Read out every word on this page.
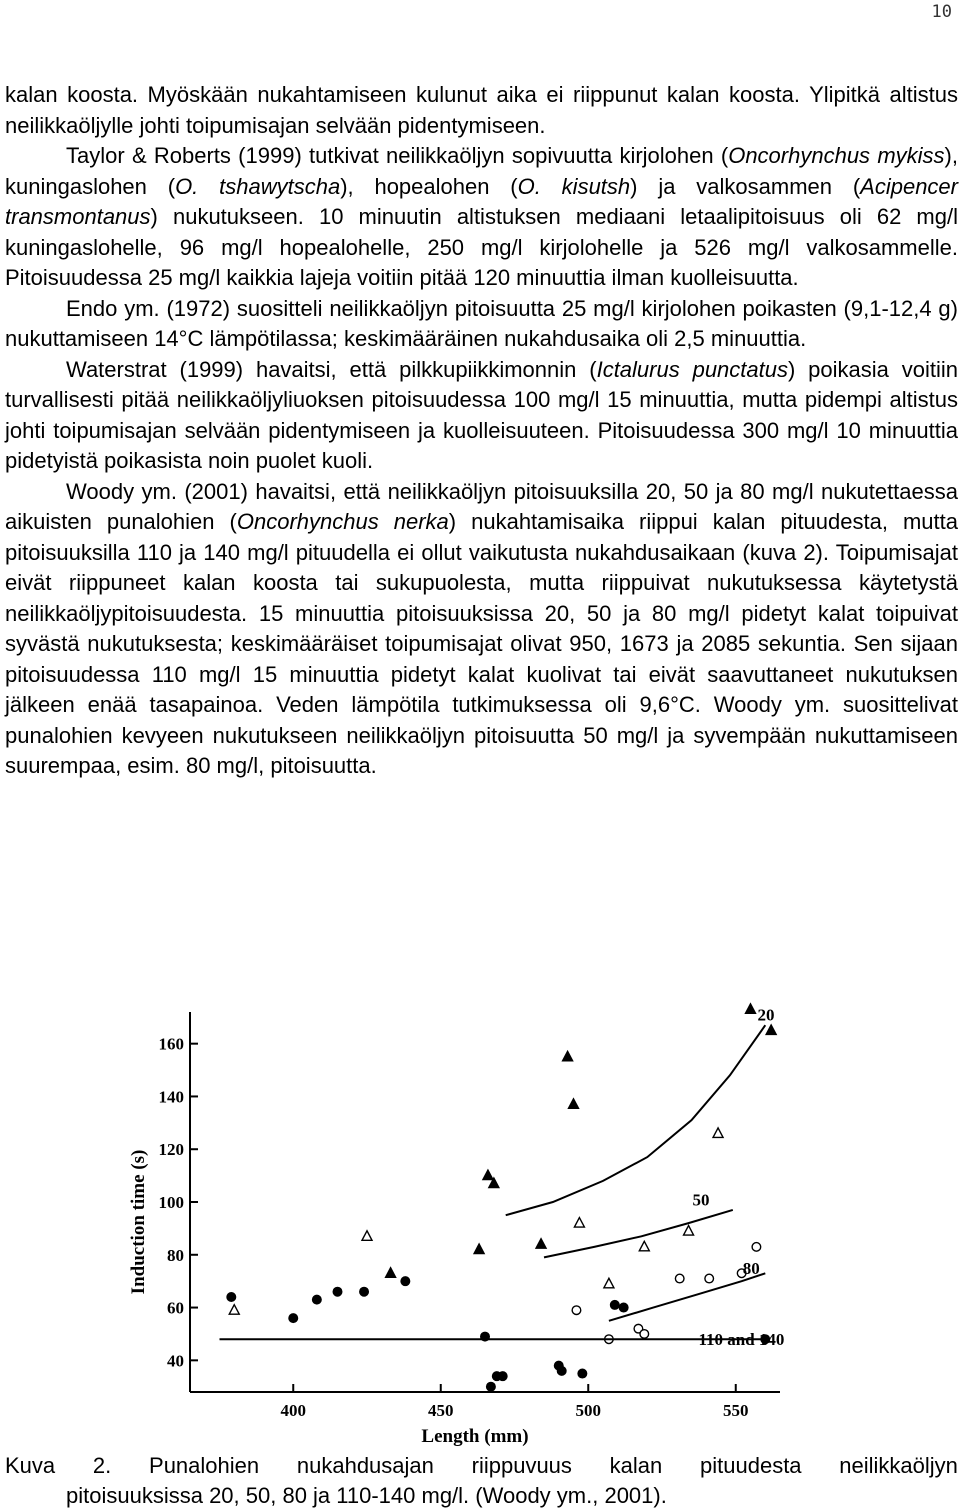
10

kalan koosta. Myöskään nukahtamiseen kulunut aika ei riippunut kalan koosta. Ylipitkä altistus neilikkaöljylle johti toipumisajan selvään pidentymiseen.

Taylor & Roberts (1999) tutkivat neilikkaöljyn sopivuutta kirjolohen (Oncorhynchus mykiss), kuningaslohen (O. tshawytscha), hopealohen (O. kisutsh) ja valkosammen (Acipencer transmontanus) nukutukseen. 10 minuutin altistuksen mediaani letaalipitoisuus oli 62 mg/l kuningaslohelle, 96 mg/l hopealohelle, 250 mg/l kirjolohelle ja 526 mg/l valkosammelle. Pitoisuudessa 25 mg/l kaikkia lajeja voitiin pitää 120 minuuttia ilman kuolleisuutta.

Endo ym. (1972) suositteli neilikkaöljyn pitoisuutta 25 mg/l kirjolohen poikasten (9,1-12,4 g) nukuttamiseen 14°C lämpötilassa; keskimääräinen nukahdusaika oli 2,5 minuuttia.

Waterstrat (1999) havaitsi, että pilkkupiikkimonnin (Ictalurus punctatus) poikasia voitiin turvallisesti pitää neilikkaöljyliuoksen pitoisuudessa 100 mg/l 15 minuuttia, mutta pidempi altistus johti toipumisajan selvään pidentymiseen ja kuolleisuuteen. Pitoisuudessa 300 mg/l 10 minuuttia pidetyistä poikasista noin puolet kuoli.

Woody ym. (2001) havaitsi, että neilikkaöljyn pitoisuuksilla 20, 50 ja 80 mg/l nukutettaessa aikuisten punalohien (Oncorhynchus nerka) nukahtamisaika riippui kalan pituudesta, mutta pitoisuuksilla 110 ja 140 mg/l pituudella ei ollut vaikutusta nukahdusaikaan (kuva 2). Toipumisajat eivät riippuneet kalan koosta tai sukupuolesta, mutta riippuivat nukutuksessa käytetystä neilikkaöljypitoisuudesta. 15 minuuttia pitoisuuksissa 20, 50 ja 80 mg/l pidetyt kalat toipuivat syvästä nukutuksesta; keskimääräiset toipumisajat olivat 950, 1673 ja 2085 sekuntia. Sen sijaan pitoisuudessa 110 mg/l 15 minuuttia pidetyt kalat kuolivat tai eivät saavuttaneet nukutuksen jälkeen enää tasapainoa. Veden lämpötila tutkimuksessa oli 9,6°C. Woody ym. suosittelivat punalohien kevyeen nukutukseen neilikkaöljyn pitoisuutta 50 mg/l ja syvempään nukuttamiseen suurempaa, esim. 80 mg/l, pitoisuutta.

400	450	500	550
40
60
80
100
120
140
160
Length (mm)
Induction time (s)
20
50
80
110 and 140
Kuva 2. Punalohien nukahdusajan riippuvuus kalan pituudesta neilikkaöljyn
pitoisuuksissa 20, 50, 80 ja 110-140 mg/l. (Woody ym., 2001).
